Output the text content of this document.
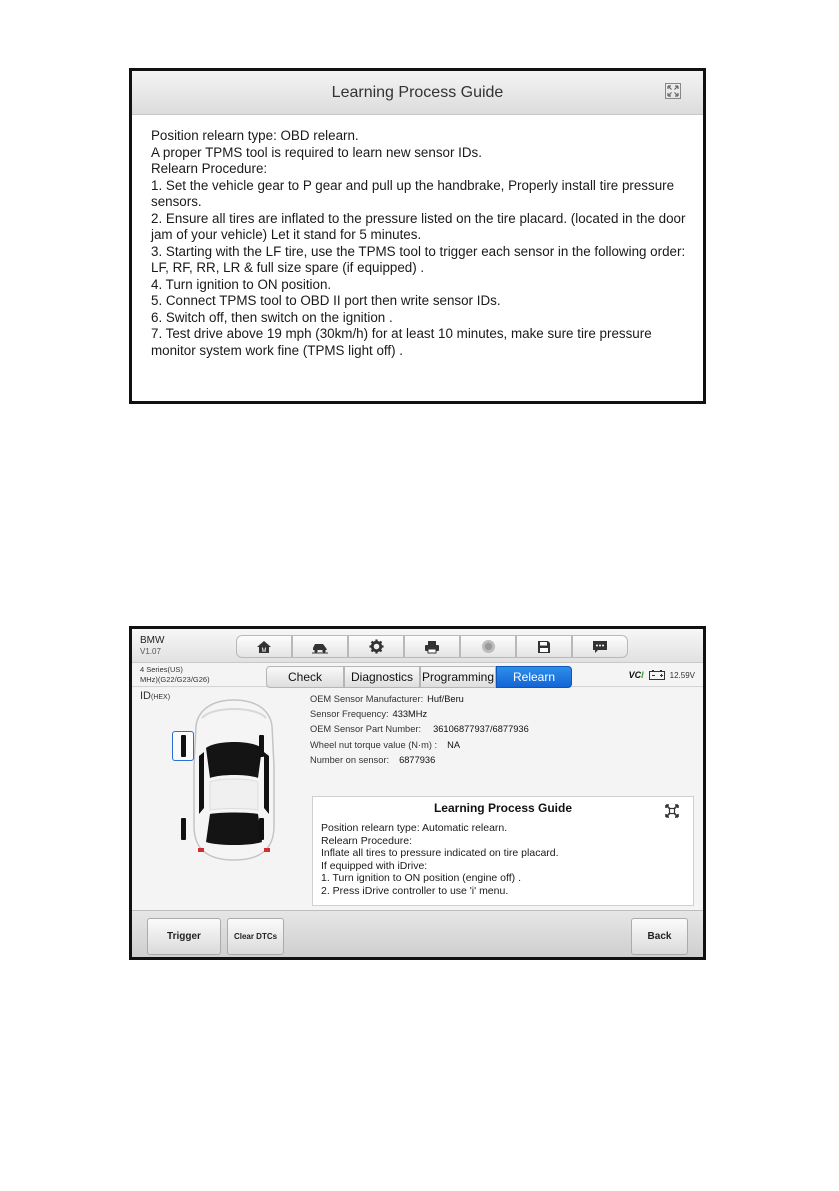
Learning Process Guide

Position relearn type: OBD relearn.

A proper TPMS tool is required to learn new sensor IDs.

Relearn Procedure:

1. Set the vehicle gear to P gear and pull up the handbrake, Properly install tire pressure sensors.

2. Ensure all tires are inflated to the pressure listed on the tire placard. (located in the door jam of your vehicle) Let it stand for 5 minutes.

3. Starting with the LF tire, use the TPMS tool to trigger each sensor in the following order: LF, RF, RR, LR & full size spare (if equipped) .

4. Turn ignition to ON position.

5. Connect TPMS tool to OBD II port then write sensor IDs.

6. Switch off, then switch on the ignition .

7. Test drive above 19 mph (30km/h) for at least 10 minutes, make sure tire pressure monitor system work fine (TPMS light off) .

BMW
V1.07	M
4 Series(US)
MHz)(G22/G23/G26)	Check	Diagnostics Programming	Relearn	VCI	12.59V
ID(HEX)	OEM Sensor Manufacturer: Huf/Beru
Sensor Frequency: 433MHz
OEM Sensor Part Number: 36106877937/6877936
Wheel nut torque value (N·m) : NA
Number on sensor: 6877936
Learning Process Guide
Position relearn type: Automatic relearn.
Relearn Procedure:
Inflate all tires to pressure indicated on tire placard.
If equipped with iDrive:
1. Turn ignition to ON position (engine off) .
2. Press iDrive controller to use 'i' menu.
Trigger	Clear DTCs	Back
